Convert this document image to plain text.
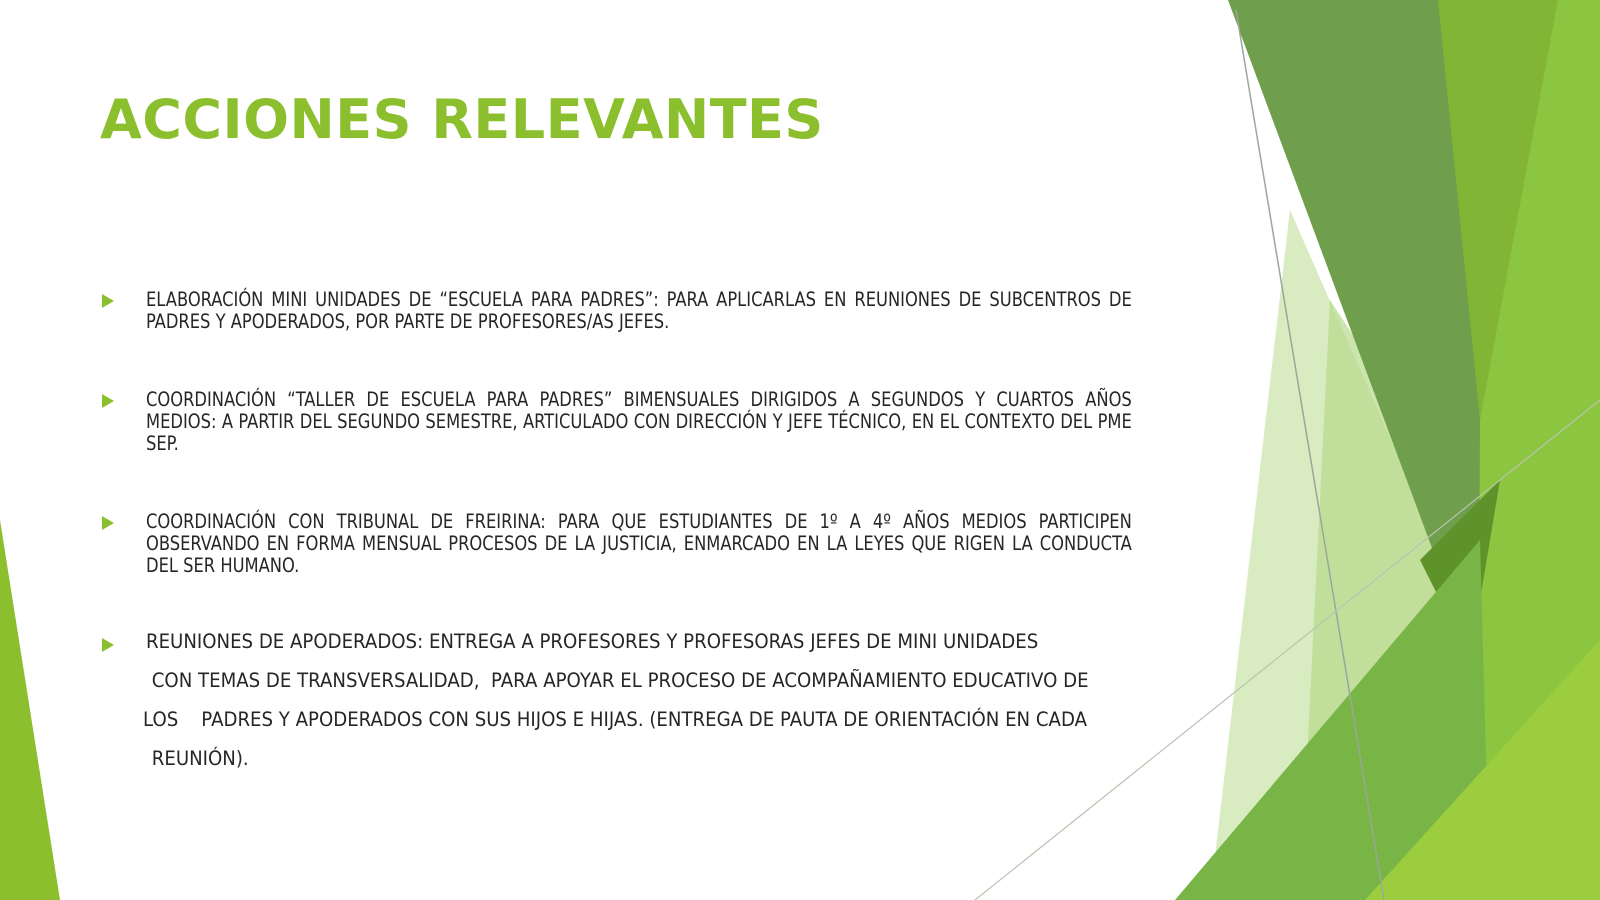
ACCIONES RELEVANTES
ELABORACIÓN MINI UNIDADES DE “ESCUELA PARA PADRES”: PARA APLICARLAS EN REUNIONES DE SUBCENTROS DE PADRES Y APODERADOS, POR PARTE DE PROFESORES/AS JEFES.
COORDINACIÓN “TALLER DE ESCUELA PARA PADRES” BIMENSUALES DIRIGIDOS A SEGUNDOS Y CUARTOS AÑOS MEDIOS: A PARTIR DEL SEGUNDO SEMESTRE, ARTICULADO CON DIRECCIÓN Y JEFE TÉCNICO, EN EL CONTEXTO DEL PME SEP.
COORDINACIÓN CON TRIBUNAL DE FREIRINA: PARA QUE ESTUDIANTES DE 1º A 4º AÑOS MEDIOS PARTICIPEN OBSERVANDO EN FORMA MENSUAL PROCESOS DE LA JUSTICIA, ENMARCADO EN LA LEYES QUE RIGEN LA CONDUCTA DEL SER HUMANO.
REUNIONES DE APODERADOS: ENTREGA A PROFESORES Y PROFESORAS JEFES DE MINI UNIDADES
CON TEMAS DE TRANSVERSALIDAD,  PARA APOYAR EL PROCESO DE ACOMPAÑAMIENTO EDUCATIVO DE
LOS    PADRES Y APODERADOS CON SUS HIJOS E HIJAS. (ENTREGA DE PAUTA DE ORIENTACIÓN EN CADA
REUNIÓN).
